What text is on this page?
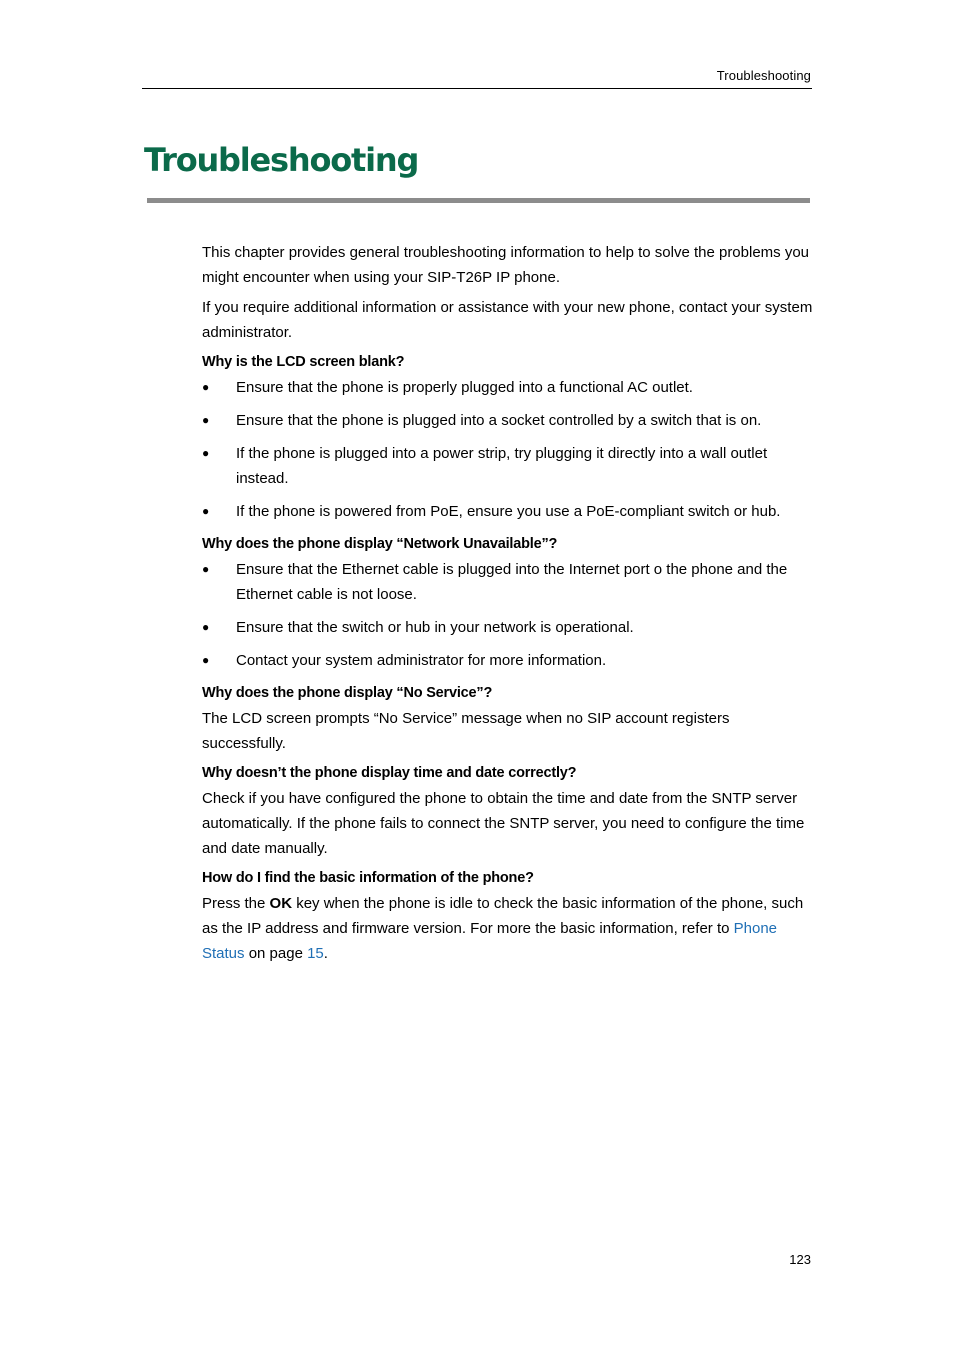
Troubleshooting
Troubleshooting

This chapter provides general troubleshooting information to help to solve the problems you might encounter when using your SIP-T26P IP phone.

If you require additional information or assistance with your new phone, contact your system administrator.

Why is the LCD screen blank?
● Ensure that the phone is properly plugged into a functional AC outlet.
● Ensure that the phone is plugged into a socket controlled by a switch that is on.
● If the phone is plugged into a power strip, try plugging it directly into a wall outlet instead.
● If the phone is powered from PoE, ensure you use a PoE-compliant switch or hub.
Why does the phone display “Network Unavailable”?
● Ensure that the Ethernet cable is plugged into the Internet port o the phone and the Ethernet cable is not loose.
● Ensure that the switch or hub in your network is operational.
● Contact your system administrator for more information.
Why does the phone display “No Service”?

The LCD screen prompts “No Service” message when no SIP account registers successfully.

Why doesn’t the phone display time and date correctly?

Check if you have configured the phone to obtain the time and date from the SNTP server automatically. If the phone fails to connect the SNTP server, you need to configure the time and date manually.

How do I find the basic information of the phone?

Press the OK key when the phone is idle to check the basic information of the phone, such as the IP address and firmware version. For more the basic information, refer to Phone Status on page 15.

123
